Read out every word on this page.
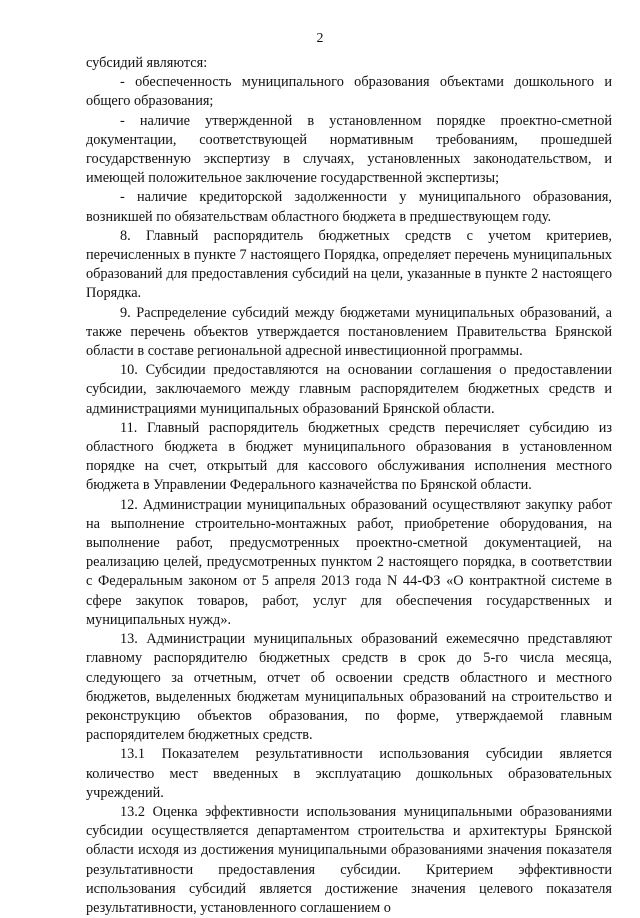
2

субсидий являются:

- обеспеченность муниципального образования объектами дошкольного и общего образования;

- наличие утвержденной в установленном порядке проектно-сметной документации, соответствующей нормативным требованиям, прошедшей государственную экспертизу в случаях, установленных законодательством, и имеющей положительное заключение государственной экспертизы;

- наличие кредиторской задолженности у муниципального образования, возникшей по обязательствам областного бюджета в предшествующем году.

8. Главный распорядитель бюджетных средств с учетом критериев, перечисленных в пункте 7 настоящего Порядка, определяет перечень муниципальных образований для предоставления субсидий на цели, указанные в пункте 2 настоящего Порядка.

9. Распределение субсидий между бюджетами муниципальных образований, а также перечень объектов утверждается постановлением Правительства Брянской области в составе региональной адресной инвестиционной программы.

10. Субсидии предоставляются на основании соглашения о предоставлении субсидии, заключаемого между главным распорядителем бюджетных средств и администрациями муниципальных образований Брянской области.

11. Главный распорядитель бюджетных средств перечисляет субсидию из областного бюджета в бюджет муниципального образования в установленном порядке на счет, открытый для кассового обслуживания исполнения местного бюджета в Управлении Федерального казначейства по Брянской области.

12. Администрации муниципальных образований осуществляют закупку работ на выполнение строительно-монтажных работ, приобретение оборудования, на выполнение работ, предусмотренных проектно-сметной документацией, на реализацию целей, предусмотренных пунктом 2 настоящего порядка, в соответствии с Федеральным законом от 5 апреля 2013 года N 44-ФЗ «О контрактной системе в сфере закупок товаров, работ, услуг для обеспечения государственных и муниципальных нужд».

13. Администрации муниципальных образований ежемесячно представляют главному распорядителю бюджетных средств в срок до 5-го числа месяца, следующего за отчетным, отчет об освоении средств областного и местного бюджетов, выделенных бюджетам муниципальных образований на строительство и реконструкцию объектов образования, по форме, утверждаемой главным распорядителем бюджетных средств.

13.1 Показателем результативности использования субсидии является количество мест введенных в эксплуатацию дошкольных образовательных учреждений.

13.2 Оценка эффективности использования муниципальными образованиями субсидии осуществляется департаментом строительства и архитектуры Брянской области исходя из достижения муниципальными образованиями значения показателя результативности предоставления субсидии. Критерием эффективности использования субсидий является достижение значения целевого показателя результативности, установленного соглашением о
